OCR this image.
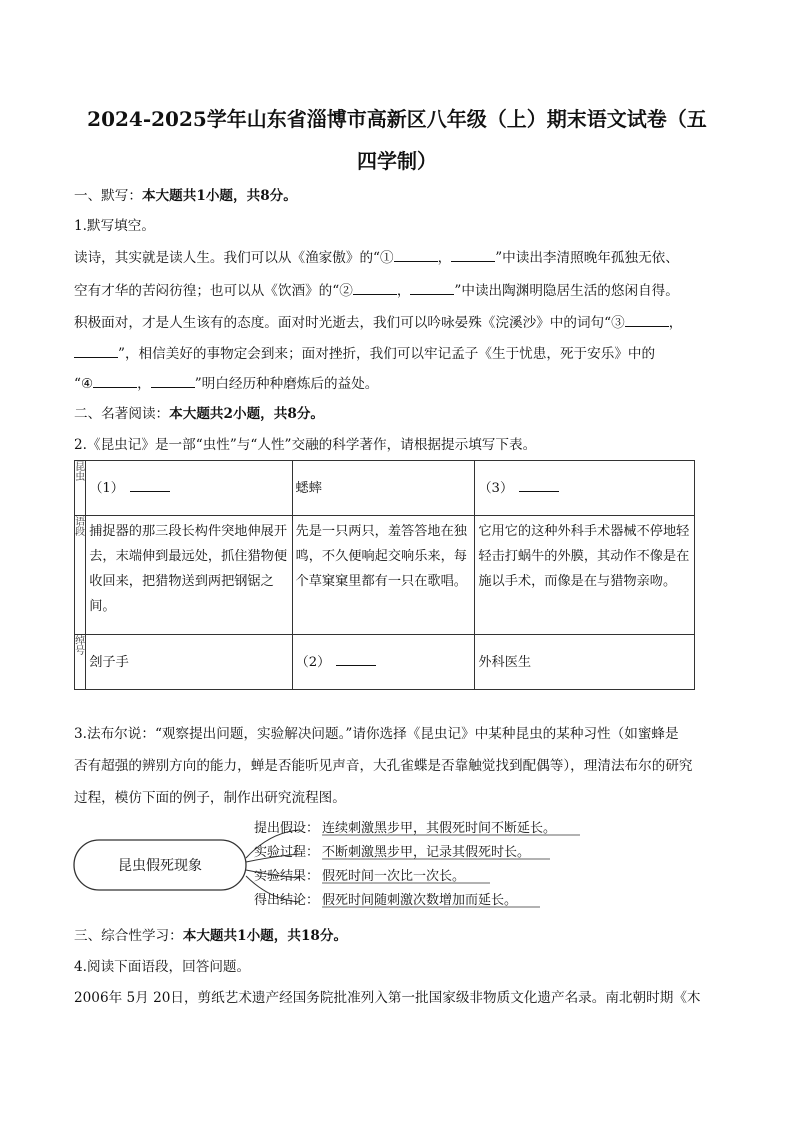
2024-2025学年山东省淄博市高新区八年级（上）期末语文试卷（五
四学制）
一、默写：本大题共1小题，共8分。
1.默写填空。
读诗，其实就是读人生。我们可以从《渔家傲》的“①	，	”中读出李清照晚年孤独无依、
空有才华的苦闷彷徨；也可以从《饮酒》的“②	，	”中读出陶渊明隐居生活的悠闲自得。
积极面对，才是人生该有的态度。面对时光逝去，我们可以吟咏晏殊《浣溪沙》中的词句“③	，
”，相信美好的事物定会到来；面对挫折，我们可以牢记孟子《生于忧患，死于安乐》中的
“④	，	”明白经历种种磨炼后的益处。
二、名著阅读：本大题共2小题，共8分。
2.《昆虫记》是一部“虫性”与“人性”交融的科学著作，请根据提示填写下表。
昆虫	（1）	蟋蟀	（3）
语段	捕捉器的那三段长构件突地伸展开去，末端伸到最远处，抓住猎物便收回来，把猎物送到两把钢锯之间。	先是一只两只，羞答答地在独鸣，不久便响起交响乐来，每个草窠窠里都有一只在歌唱。	它用它的这种外科手术器械不停地轻轻击打蜗牛的外膜，其动作不像是在施以手术，而像是在与猎物亲吻。
绰号	刽子手	（2）	外科医生
3.法布尔说：“观察提出问题，实验解决问题。”请你选择《昆虫记》中某种昆虫的某种习性（如蜜蜂是
否有超强的辨别方向的能力，蝉是否能听见声音，大孔雀蝶是否靠触觉找到配偶等），理清法布尔的研究
过程，模仿下面的例子，制作出研究流程图。
昆虫假死现象
提出假设： 连续刺激黑步甲，其假死时间不断延长。
实验过程： 不断刺激黑步甲，记录其假死时长。
实验结果： 假死时间一次比一次长。
得出结论： 假死时间随刺激次数增加而延长。
三、综合性学习：本大题共1小题，共18分。
4.阅读下面语段，回答问题。
2006年 5月 20日，剪纸艺术遗产经国务院批准列入第一批国家级非物质文化遗产名录。南北朝时期《木
